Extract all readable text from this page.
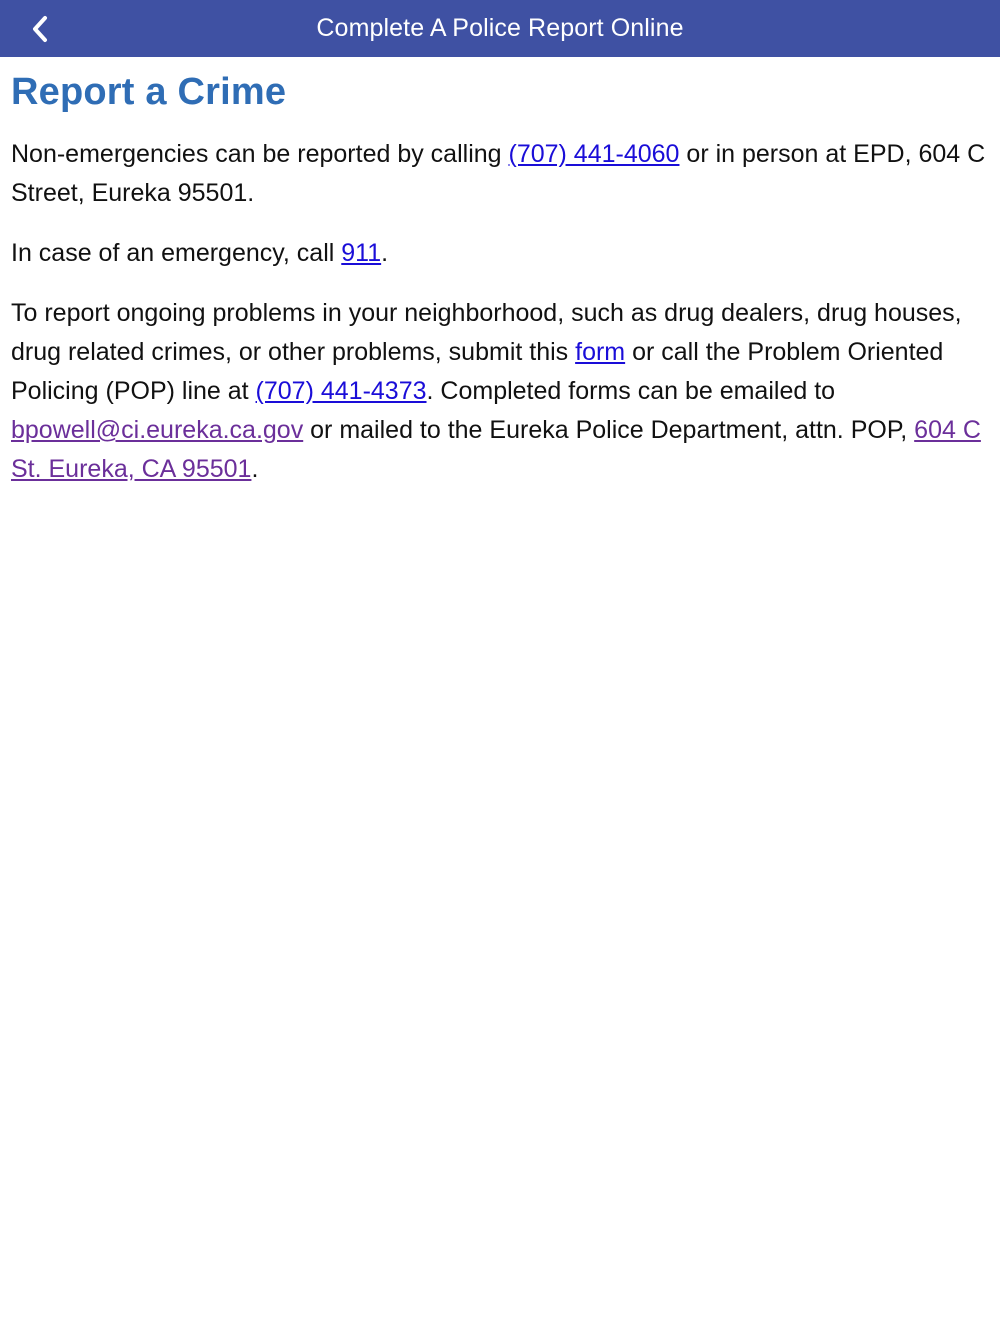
Complete A Police Report Online
Report a Crime

Non-emergencies can be reported by calling (707) 441-4060 or in person at EPD, 604 C Street, Eureka 95501.

In case of an emergency, call 911.

To report ongoing problems in your neighborhood, such as drug dealers, drug houses, drug related crimes, or other problems, submit this form or call the Problem Oriented Policing (POP) line at (707) 441-4373. Completed forms can be emailed to bpowell@ci.eureka.ca.gov or mailed to the Eureka Police Department, attn. POP, 604 C St. Eureka, CA 95501.
